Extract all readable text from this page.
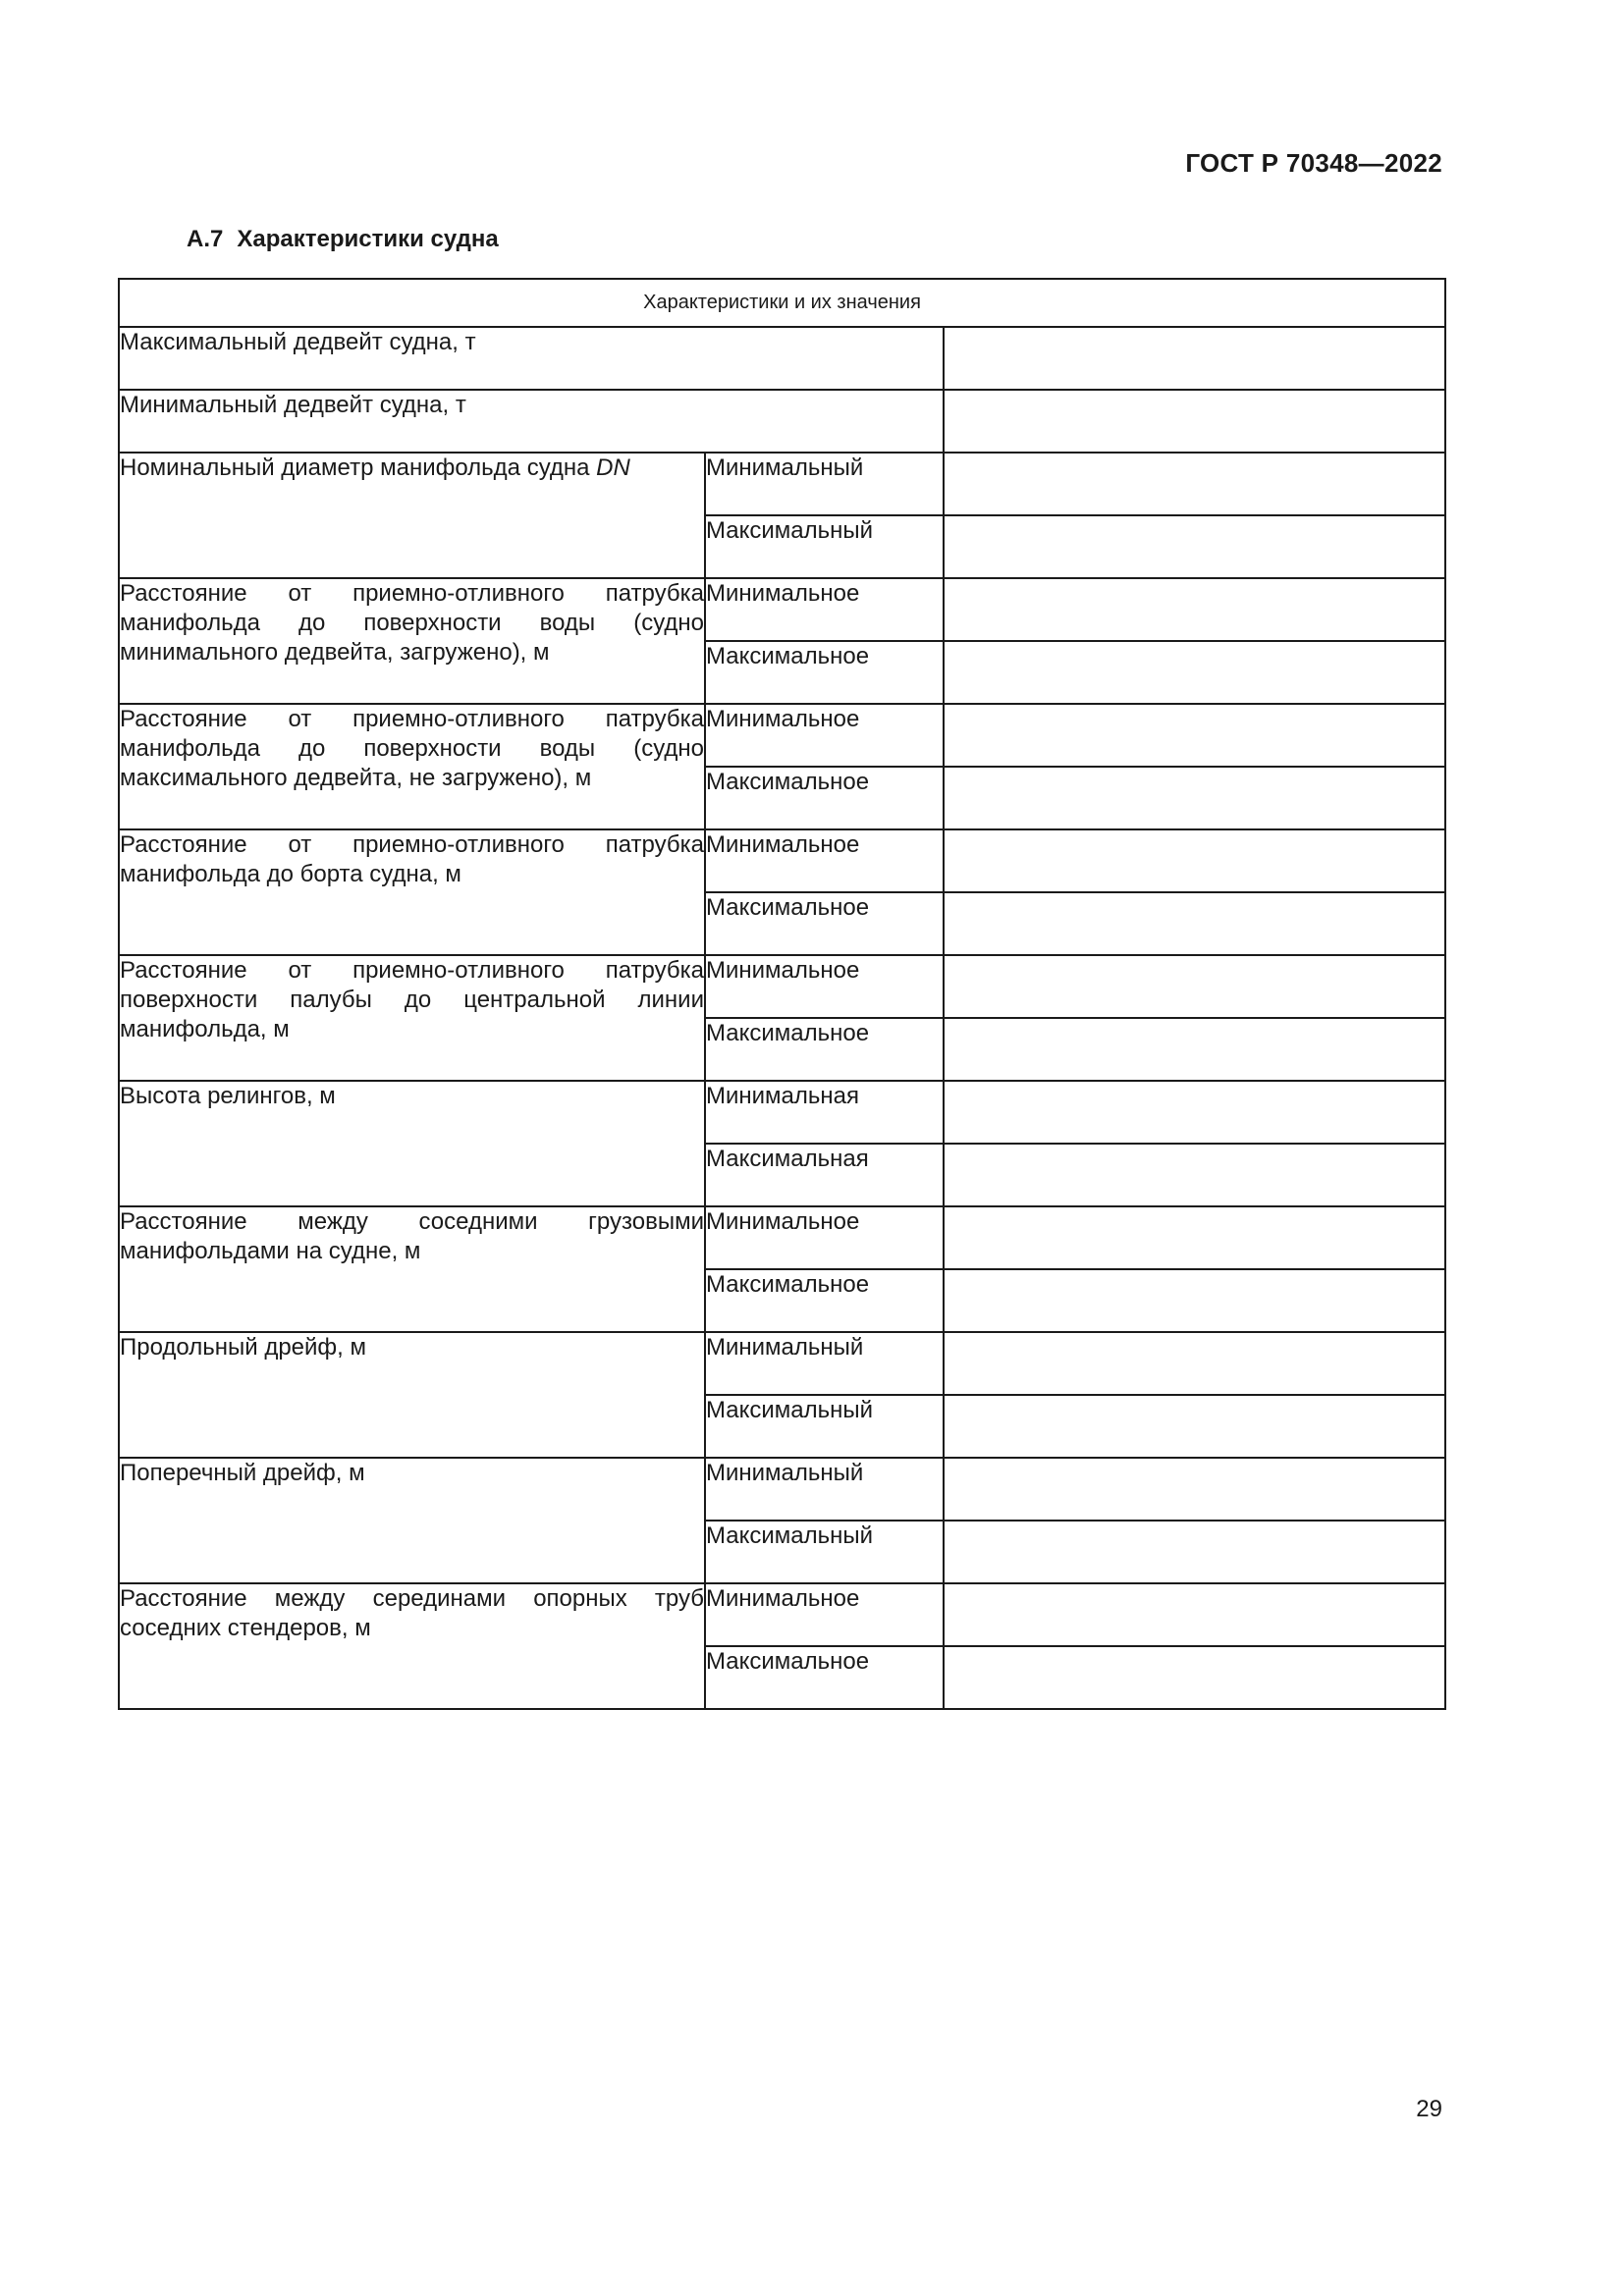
ГОСТ Р 70348—2022
А.7 Характеристики судна
Характеристики и их значения		
Максимальный дедвейт судна, т		
Минимальный дедвейт судна, т		
Номинальный диаметр манифольда судна DN	Минимальный	
	Максимальный	
Расстояние от приемно-отливного патрубка манифольда до поверхности воды (судно минимального дедвейта, загружено), м	Минимальное	
	Максимальное	
Расстояние от приемно-отливного патрубка манифольда до поверхности воды (судно максимального дедвейта, не загружено), м	Минимальное	
	Максимальное	
Расстояние от приемно-отливного патрубка манифольда до борта судна, м	Минимальное	
	Максимальное	
Расстояние от приемно-отливного патрубка поверхности палубы до центральной линии манифольда, м	Минимальное	
	Максимальное	
Высота релингов, м	Минимальная	
	Максимальная	
Расстояние между соседними грузовыми манифольдами на судне, м	Минимальное	
	Максимальное	
Продольный дрейф, м	Минимальный	
	Максимальный	
Поперечный дрейф, м	Минимальный	
	Максимальный	
Расстояние между серединами опорных труб соседних стендеров, м	Минимальное	
	Максимальное	
29
